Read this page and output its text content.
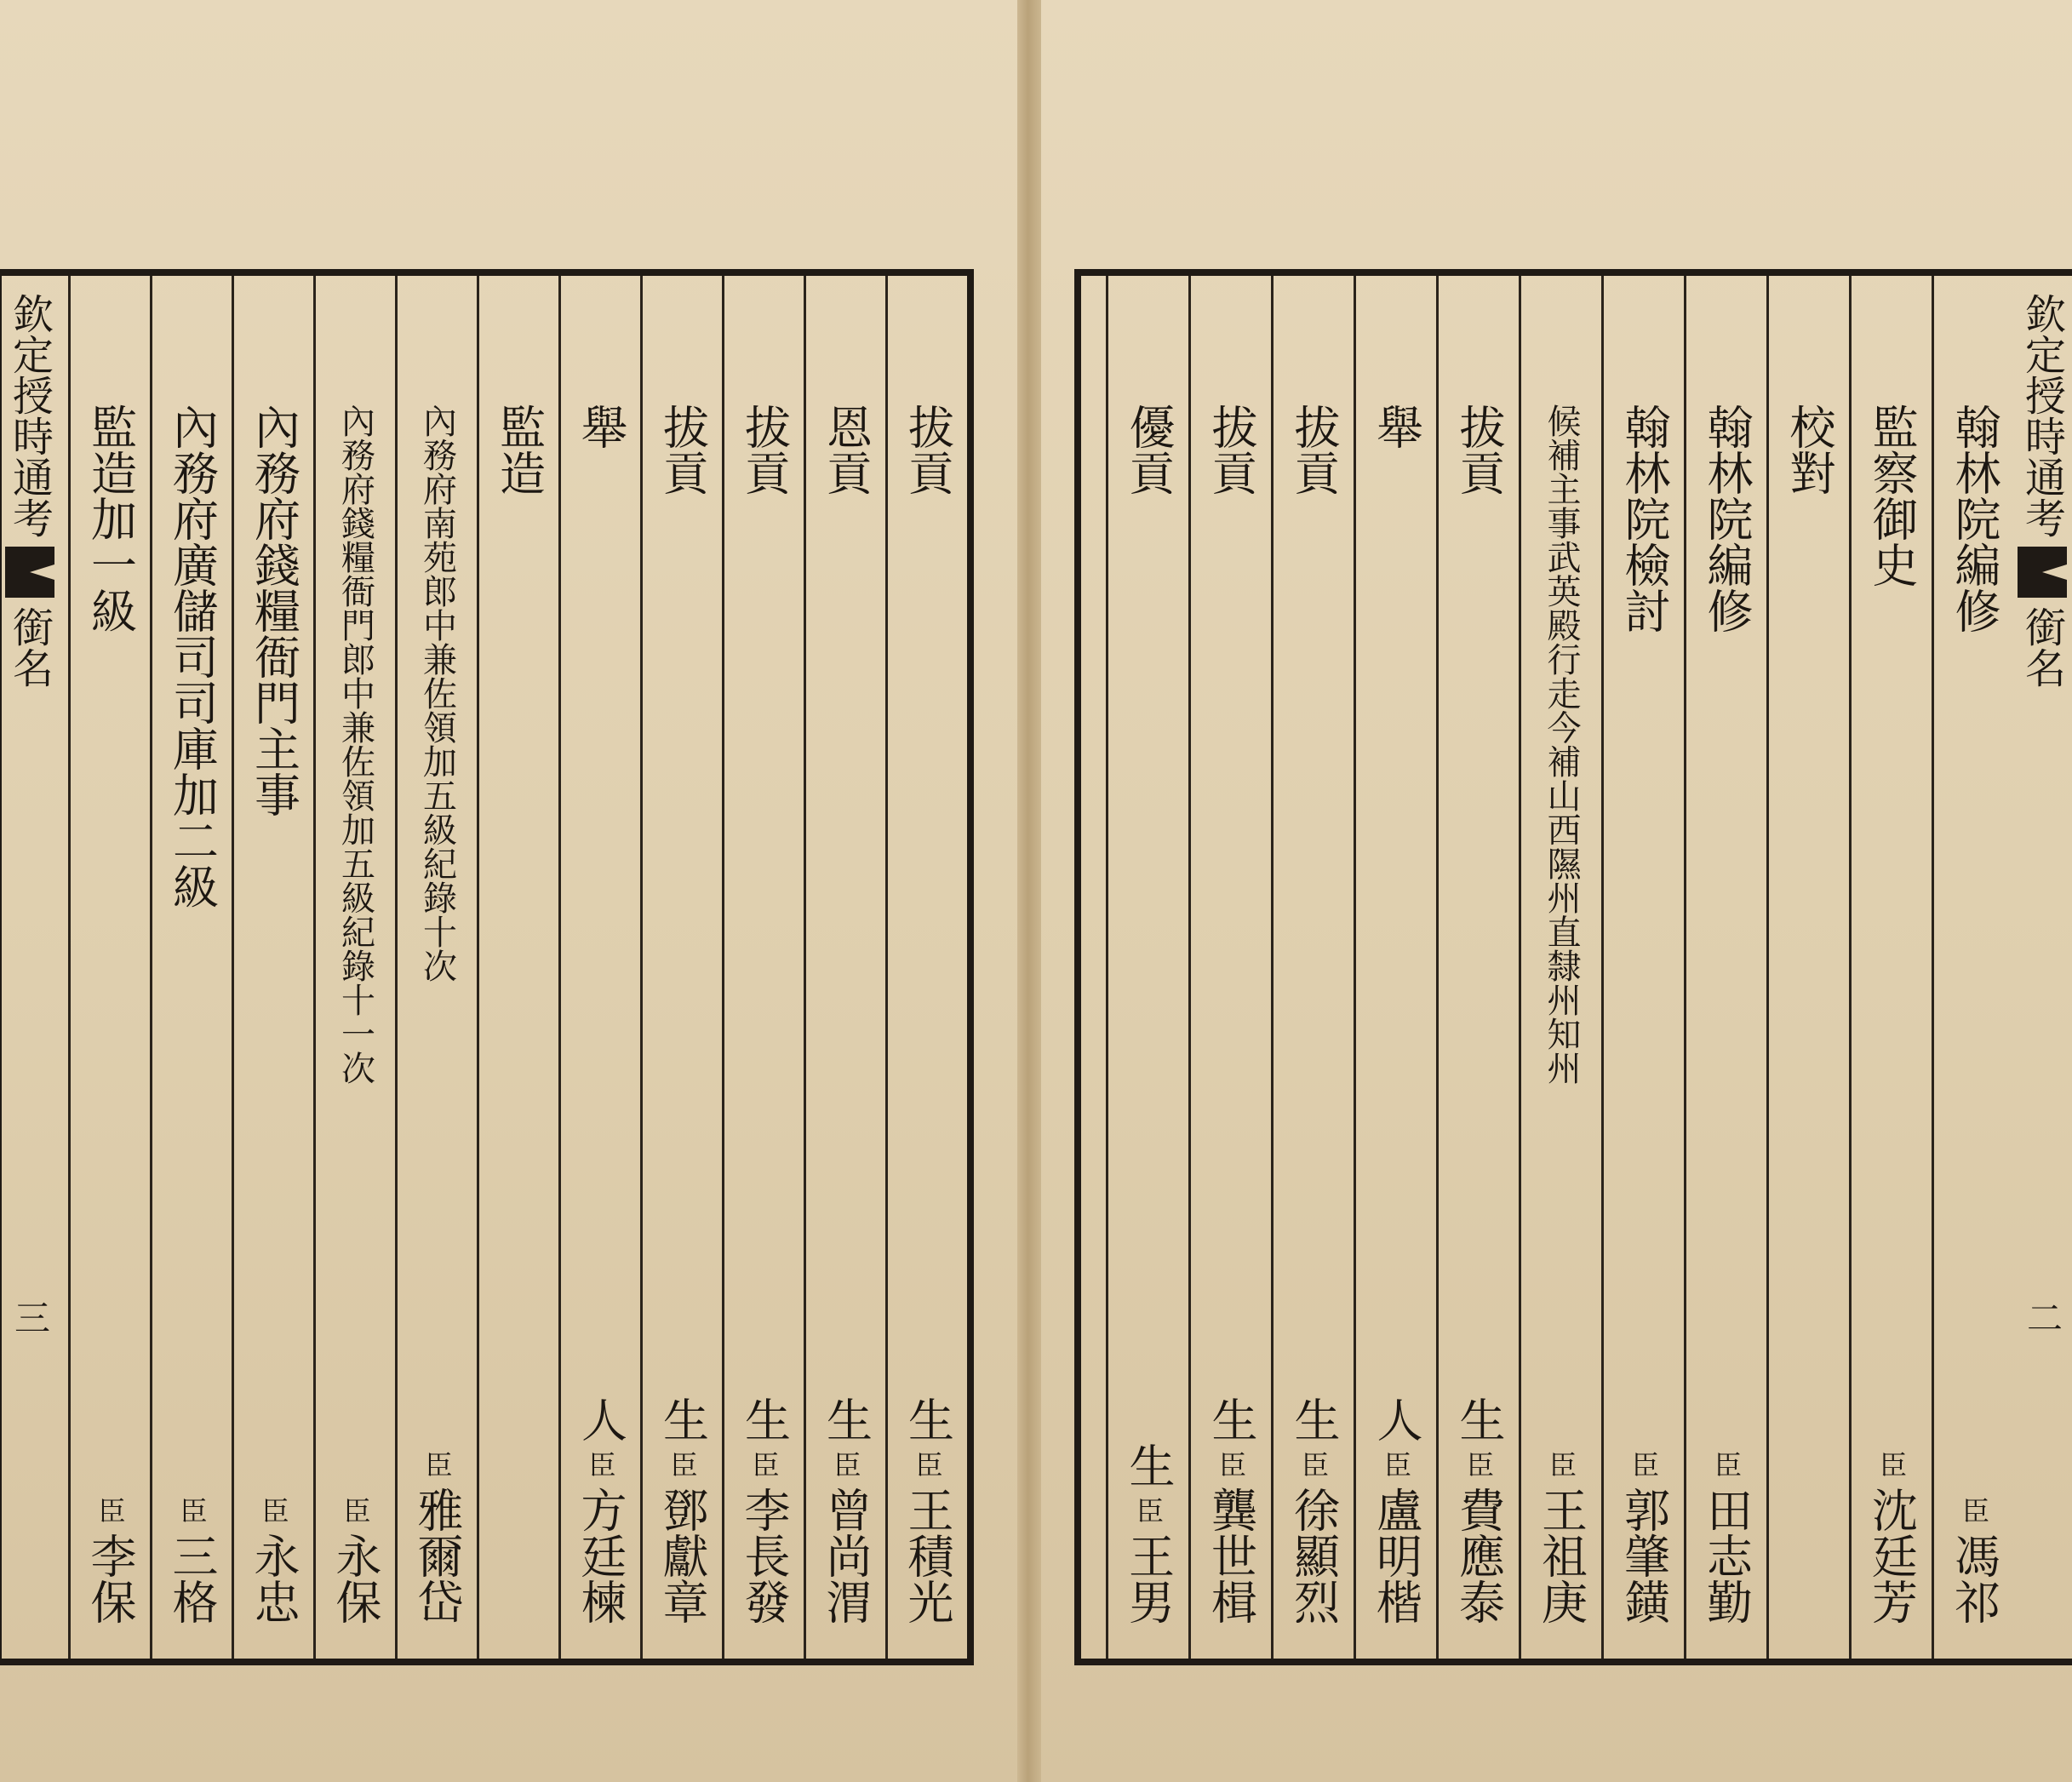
欽定授時通考
銜名
三
欽定授時通考
銜名
二
拔
貢
生
臣
王積光
恩
貢
生
臣
曾尚渭
拔
貢
生
臣
李長發
拔
貢
生
臣
鄧獻章
舉
人
臣
方廷楝
監造
內務府南苑郎中兼佐領加五級紀錄十次
臣
雅爾岱
內務府錢糧衙門郎中兼佐領加五級紀錄十一次
臣
永保
內務府錢糧衙門主事
臣
永忠
內務府廣儲司司庫加二級
臣
三格
監造加一級
臣
李保
翰林院編修
臣
馮祁
監察御史
臣
沈廷芳
校對
翰林院編修
臣
田志勤
翰林院檢討
臣
郭肇鐄
候補主事武英殿行走今補山西隰州直隸州知州
臣
王祖庚
拔
貢
生
臣
費應泰
舉
人
臣
盧明楷
拔
貢
生
臣
徐顯烈
拔
貢
生
臣
龔世楫
優
貢
生
臣
王男
